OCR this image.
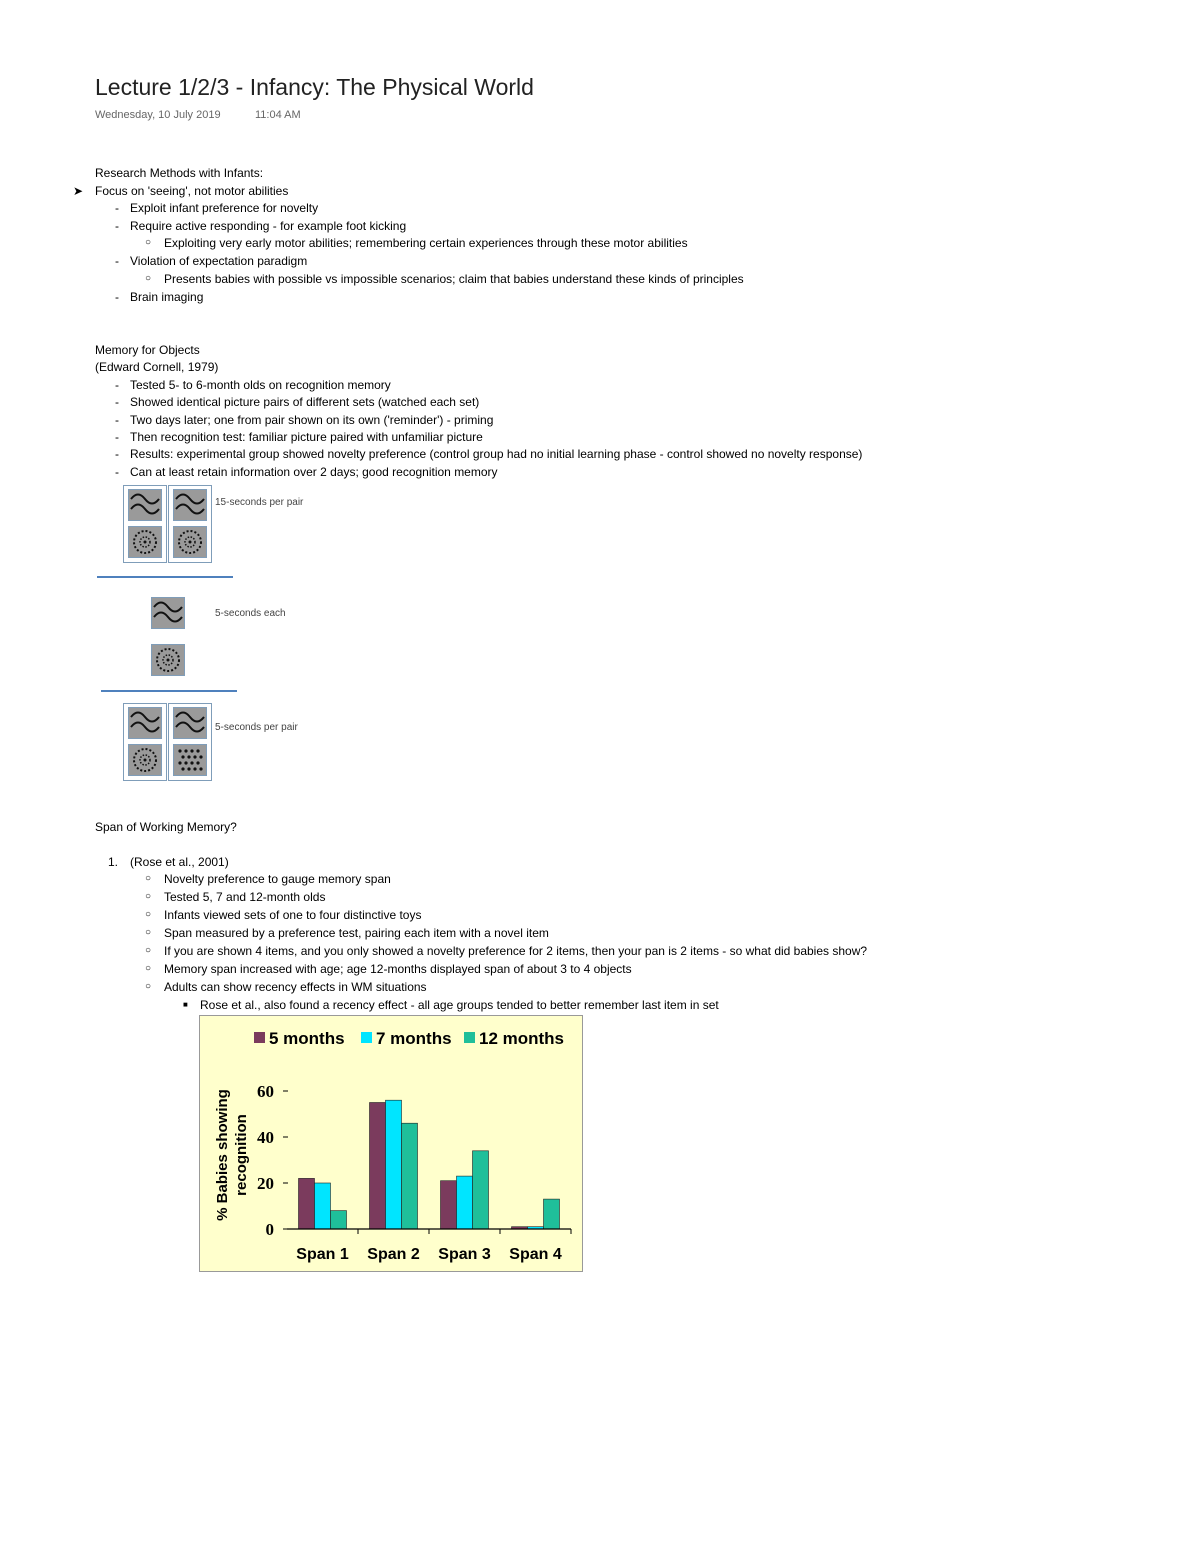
Lecture 1/2/3 - Infancy: The Physical World
Wednesday, 10 July 2019	11:04 AM
Research Methods with Infants:
➤ Focus on 'seeing', not motor abilities
- Exploit infant preference for novelty
- Require active responding - for example foot kicking
○ Exploiting very early motor abilities; remembering certain experiences through these motor abilities
- Violation of expectation paradigm
○ Presents babies with possible vs impossible scenarios; claim that babies understand these kinds of principles
- Brain imaging
Memory for Objects
(Edward Cornell, 1979)
- Tested 5- to 6-month olds on recognition memory
- Showed identical picture pairs of different sets (watched each set)
- Two days later; one from pair shown on its own ('reminder') - priming
- Then recognition test: familiar picture paired with unfamiliar picture
- Results: experimental group showed novelty preference (control group had no initial learning phase - control showed no novelty response)
- Can at least retain information over 2 days; good recognition memory
15-seconds per pair
5-seconds each
5-seconds per pair
Span of Working Memory?
1. (Rose et al., 2001)
○ Novelty preference to gauge memory span
○ Tested 5, 7 and 12-month olds
○ Infants viewed sets of one to four distinctive toys
○ Span measured by a preference test, pairing each item with a novel item
○ If you are shown 4 items, and you only showed a novelty preference for 2 items, then your pan is 2 items - so what did babies show?
○ Memory span increased with age; age 12-months displayed span of about 3 to 4 objects
○ Adults can show recency effects in WM situations
■ Rose et al., also found a recency effect - all age groups tended to better remember last item in set
5 months 7 months 12 months
% Babies showing
0
20
40
60
Span 1 Span 2 Span 3 Span 4
recognition
